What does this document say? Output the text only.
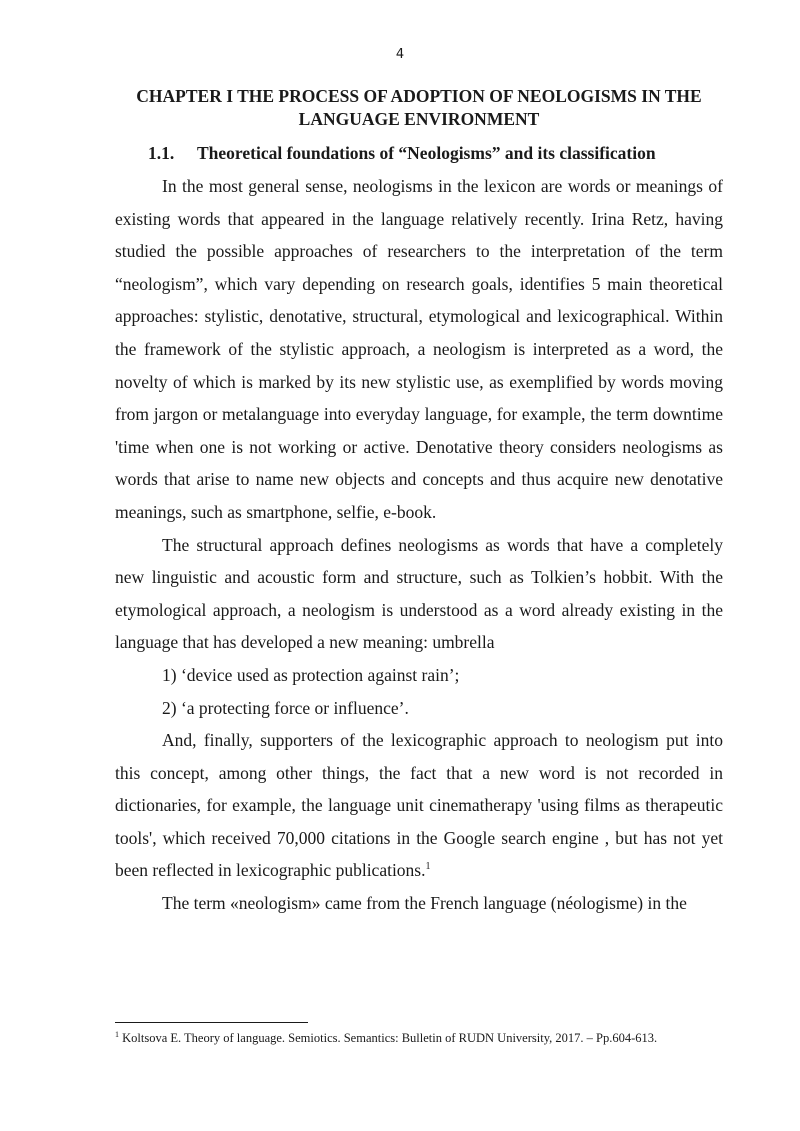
4
CHAPTER I THE PROCESS OF ADOPTION OF NEOLOGISMS IN THE LANGUAGE ENVIRONMENT
1.1. Theoretical foundations of “Neologisms” and its classification

In the most general sense, neologisms in the lexicon are words or meanings of existing words that appeared in the language relatively recently. Irina Retz, having studied the possible approaches of researchers to the interpretation of the term “neologism”, which vary depending on research goals, identifies 5 main theoretical approaches: stylistic, denotative, structural, etymological and lexicographical. Within the framework of the stylistic approach, a neologism is interpreted as a word, the novelty of which is marked by its new stylistic use, as exemplified by words moving from jargon or metalanguage into everyday language, for example, the term downtime 'time when one is not working or active. Denotative theory considers neologisms as words that arise to name new objects and concepts and thus acquire new denotative meanings, such as smartphone, selfie, e-book.

The structural approach defines neologisms as words that have a completely new linguistic and acoustic form and structure, such as Tolkien’s hobbit. With the etymological approach, a neologism is understood as a word already existing in the language that has developed a new meaning: umbrella

1) ‘device used as protection against rain’;

2) ‘a protecting force or influence’.

And, finally, supporters of the lexicographic approach to neologism put into this concept, among other things, the fact that a new word is not recorded in dictionaries, for example, the language unit cinematherapy 'using films as therapeutic tools', which received 70,000 citations in the Google search engine , but has not yet been reflected in lexicographic publications.$^1$

The term «neologism» came from the French language (néologisme) in the

$^1$ Koltsova E. Theory of language. Semiotics. Semantics: Bulletin of RUDN University, 2017. – Pp.604-613.
